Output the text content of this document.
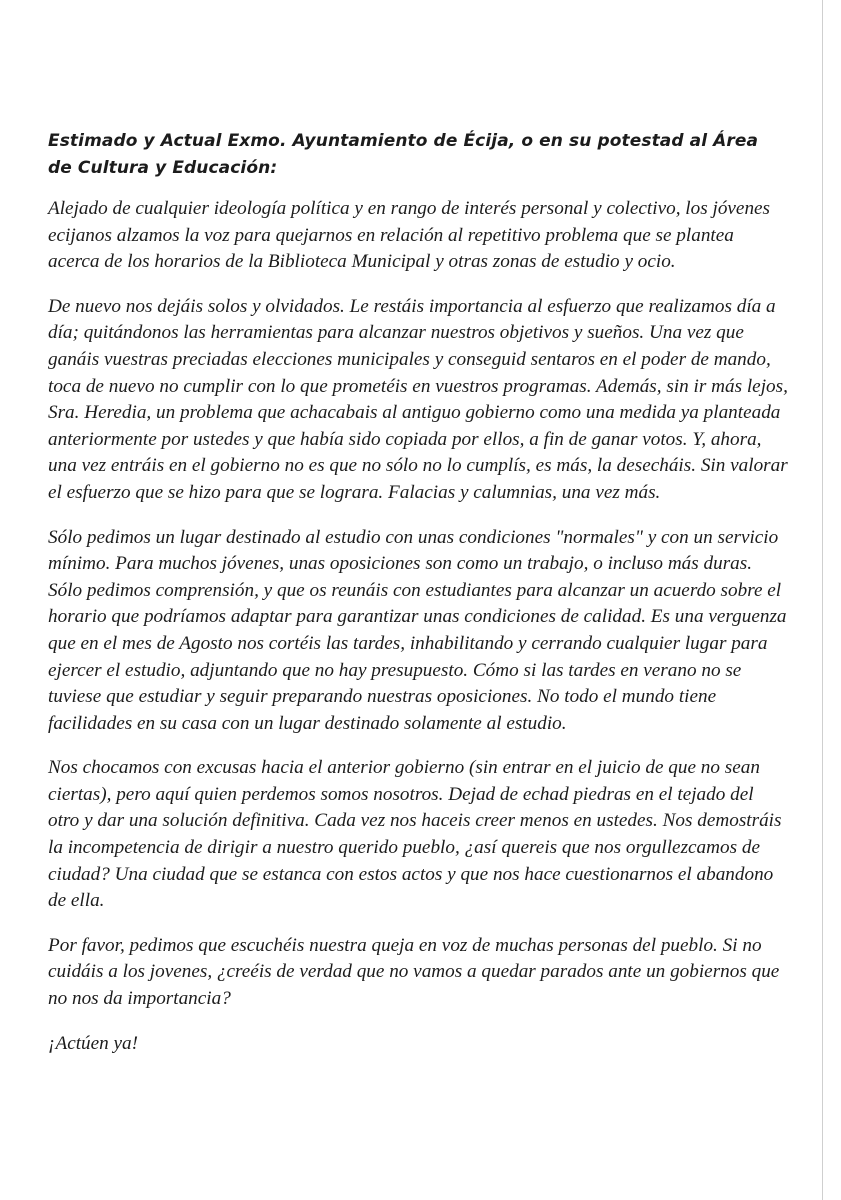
Estimado y Actual Exmo. Ayuntamiento de Écija, o en su potestad al Área de Cultura y Educación:

Alejado de cualquier ideología política y en rango de interés personal y colectivo, los jóvenes ecijanos alzamos la voz para quejarnos en relación al repetitivo problema que se plantea acerca de los horarios de la Biblioteca Municipal y otras zonas de estudio y ocio.

De nuevo nos dejáis solos y olvidados. Le restáis importancia al esfuerzo que realizamos día a día; quitándonos las herramientas para alcanzar nuestros objetivos y sueños. Una vez que ganáis vuestras preciadas elecciones municipales y conseguid sentaros en el poder de mando, toca de nuevo no cumplir con lo que prometéis en vuestros programas. Además, sin ir más lejos, Sra. Heredia, un problema que achacabais al antiguo gobierno como una medida ya planteada anteriormente por ustedes y que había sido copiada por ellos, a fin de ganar votos. Y, ahora, una vez entráis en el gobierno no es que no sólo no lo cumplís, es más, la desecháis. Sin valorar el esfuerzo que se hizo para que se lograra. Falacias y calumnias, una vez más.

Sólo pedimos un lugar destinado al estudio con unas condiciones "normales" y con un servicio mínimo. Para muchos jóvenes, unas oposiciones son como un trabajo, o incluso más duras. Sólo pedimos comprensión, y que os reunáis con estudiantes para alcanzar un acuerdo sobre el horario que podríamos adaptar para garantizar unas condiciones de calidad. Es una verguenza que en el mes de Agosto nos cortéis las tardes, inhabilitando y cerrando cualquier lugar para ejercer el estudio, adjuntando que no hay presupuesto. Cómo si las tardes en verano no se tuviese que estudiar y seguir preparando nuestras oposiciones. No todo el mundo tiene facilidades en su casa con un lugar destinado solamente al estudio.

Nos chocamos con excusas hacia el anterior gobierno (sin entrar en el juicio de que no sean ciertas), pero aquí quien perdemos somos nosotros. Dejad de echad piedras en el tejado del otro y dar una solución definitiva. Cada vez nos haceis creer menos en ustedes. Nos demostráis la incompetencia de dirigir a nuestro querido pueblo, ¿así quereis que nos orgullezcamos de ciudad? Una ciudad que se estanca con estos actos y que nos hace cuestionarnos el abandono de ella.

Por favor, pedimos que escuchéis nuestra queja en voz de muchas personas del pueblo. Si no cuidáis a los jovenes, ¿creéis de verdad que no vamos a quedar parados ante un gobiernos que no nos da importancia?

¡Actúen ya!
